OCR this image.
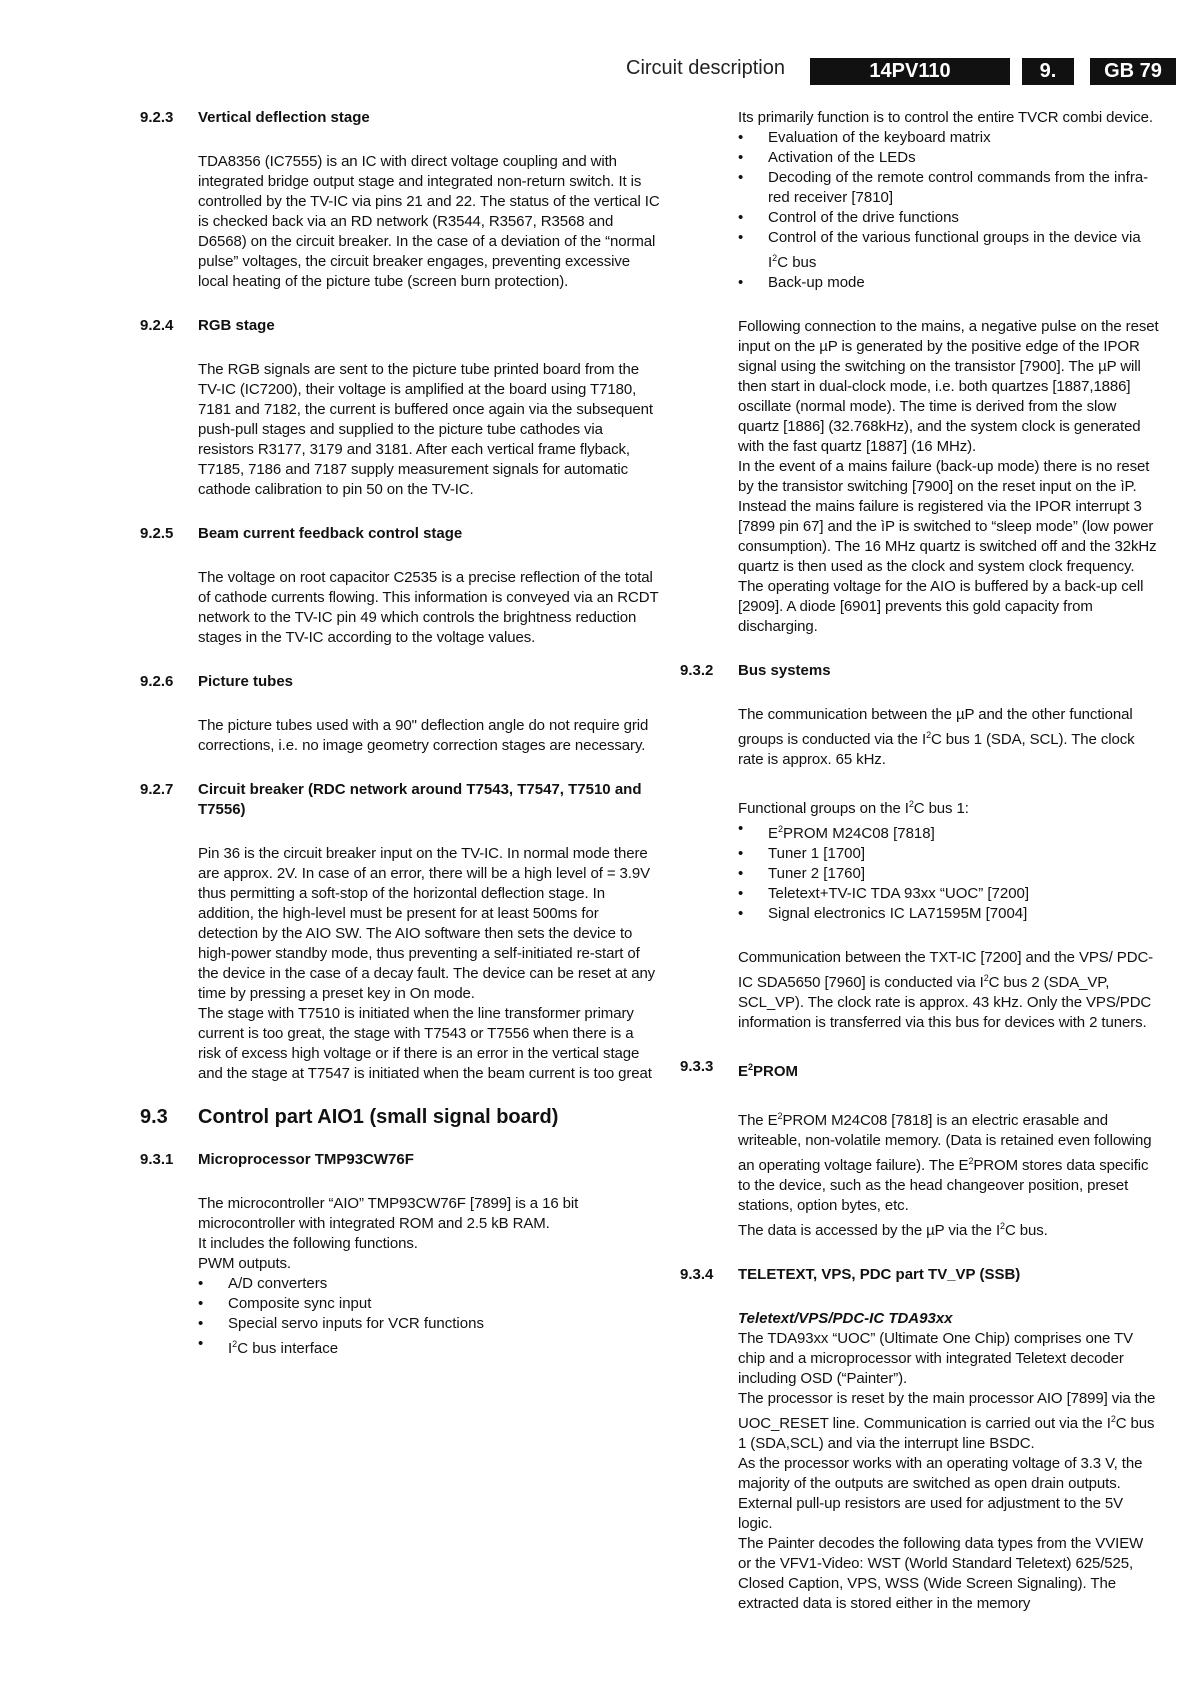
Circuit description	14PV110	9.	GB 79
9.2.3	Vertical deflection stage

TDA8356 (IC7555) is an IC with direct voltage coupling and with integrated bridge output stage and integrated non-return switch. It is controlled by the TV-IC via pins 21 and 22. The status of the vertical IC is checked back via an RD network (R3544, R3567, R3568 and D6568) on the circuit breaker. In the case of a deviation of the “normal pulse” voltages, the circuit breaker engages, preventing excessive local heating of the picture tube (screen burn protection).

9.2.4	RGB stage

The RGB signals are sent to the picture tube printed board from the TV-IC (IC7200), their voltage is amplified at the board using T7180, 7181 and 7182, the current is buffered once again via the subsequent push-pull stages and supplied to the picture tube cathodes via resistors R3177, 3179 and 3181. After each vertical frame flyback, T7185, 7186 and 7187 supply measurement signals for automatic cathode calibration to pin 50 on the TV-IC.

9.2.5	Beam current feedback control stage

The voltage on root capacitor C2535 is a precise reflection of the total of cathode currents flowing. This information is conveyed via an RCDT network to the TV-IC pin 49 which controls the brightness reduction stages in the TV-IC according to the voltage values.

9.2.6	Picture tubes

The picture tubes used with a 90" deflection angle do not require grid corrections, i.e. no image geometry correction stages are necessary.

9.2.7	Circuit breaker (RDC network around T7543, T7547, T7510 and T7556)

Pin 36 is the circuit breaker input on the TV-IC. In normal mode there are approx. 2V. In case of an error, there will be a high level of = 3.9V thus permitting a soft-stop of the horizontal deflection stage. In addition, the high-level must be present for at least 500ms for detection by the AIO SW. The AIO software then sets the device to high-power standby mode, thus preventing a self-initiated re-start of the device in the case of a decay fault. The device can be reset at any time by pressing a preset key in On mode.

The stage with T7510 is initiated when the line transformer primary current is too great, the stage with T7543 or T7556 when there is a risk of excess high voltage or if there is an error in the vertical stage and the stage at T7547 is initiated when the beam current is too great

9.3	Control part AIO1 (small signal board)
9.3.1	Microprocessor TMP93CW76F

The microcontroller “AIO” TMP93CW76F [7899] is a 16 bit microcontroller with integrated ROM and 2.5 kB RAM.

It includes the following functions.

PWM outputs.

• A/D converters
• Composite sync input
• Special servo inputs for VCR functions
• $I^2C$ bus interface

Its primarily function is to control the entire TVCR combi device.

• Evaluation of the keyboard matrix
• Activation of the LEDs
• Decoding of the remote control commands from the infra-red receiver [7810]
• Control of the drive functions
• Control of the various functional groups in the device via $I^2C$ bus
• Back-up mode

Following connection to the mains, a negative pulse on the reset input on the µP is generated by the positive edge of the IPOR signal using the switching on the transistor [7900]. The µP will then start in dual-clock mode, i.e. both quartzes [1887,1886] oscillate (normal mode). The time is derived from the slow quartz [1886] (32.768kHz), and the system clock is generated with the fast quartz [1887] (16 MHz).

In the event of a mains failure (back-up mode) there is no reset by the transistor switching [7900] on the reset input on the ìP. Instead the mains failure is registered via the IPOR interrupt 3 [7899 pin 67] and the ìP is switched to “sleep mode” (low power consumption). The 16 MHz quartz is switched off and the 32kHz quartz is then used as the clock and system clock frequency. The operating voltage for the AIO is buffered by a back-up cell [2909]. A diode [6901] prevents this gold capacity from discharging.

9.3.2	Bus systems

The communication between the µP and the other functional groups is conducted via the $I^2C$ bus 1 (SDA, SCL). The clock rate is approx. 65 kHz.

Functional groups on the $I^2C$ bus 1:

• $E^2PROM$ M24C08 [7818]
• Tuner 1 [1700]
• Tuner 2 [1760]
• Teletext+TV-IC TDA 93xx “UOC” [7200]
• Signal electronics IC LA71595M [7004]

Communication between the TXT-IC [7200] and the VPS/ PDC-IC SDA5650 [7960] is conducted via $I^2C$ bus 2 (SDA_VP, SCL_VP). The clock rate is approx. 43 kHz. Only the VPS/PDC information is transferred via this bus for devices with 2 tuners.

9.3.3	$E^2PROM$

The $E^2PROM$ M24C08 [7818] is an electric erasable and writeable, non-volatile memory. (Data is retained even following an operating voltage failure). The $E^2PROM$ stores data specific to the device, such as the head changeover position, preset stations, option bytes, etc.

The data is accessed by the µP via the $I^2C$ bus.

9.3.4	TELETEXT, VPS, PDC part TV_VP (SSB)
Teletext/VPS/PDC-IC TDA93xx

The TDA93xx “UOC” (Ultimate One Chip) comprises one TV chip and a microprocessor with integrated Teletext decoder including OSD (“Painter”).

The processor is reset by the main processor AIO [7899] via the UOC_RESET line. Communication is carried out via the $I^2C$ bus 1 (SDA,SCL) and via the interrupt line BSDC.

As the processor works with an operating voltage of 3.3 V, the majority of the outputs are switched as open drain outputs. External pull-up resistors are used for adjustment to the 5V logic.

The Painter decodes the following data types from the VVIEW or the VFV1-Video: WST (World Standard Teletext) 625/525, Closed Caption, VPS, WSS (Wide Screen Signaling). The extracted data is stored either in the memory
